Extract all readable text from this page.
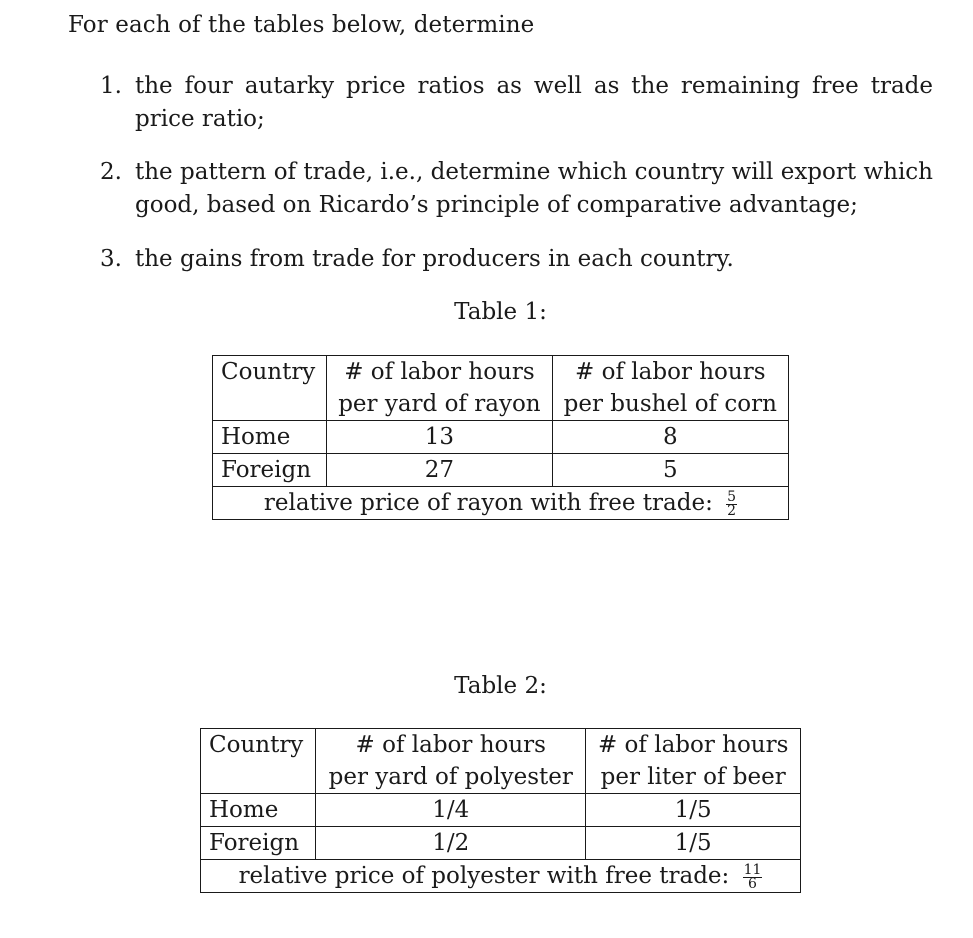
For each of the tables below, determine
1. the four autarky price ratios as well as the remaining free trade price ratio;
2. the pattern of trade, i.e., determine which country will export which good, based on Ricardo’s principle of comparative advantage;
3. the gains from trade for producers in each country.
Table 1:
Country	# of labor hours	# of labor hours
	per yard of rayon	per bushel of corn
Home	13	8
Foreign	27	5
relative price of rayon with free trade: $\frac{5}{2}$
Table 2:
Country	# of labor hours	# of labor hours
	per yard of polyester	per liter of beer
Home	1/4	1/5
Foreign	1/2	1/5
relative price of polyester with free trade: $\frac{11}{6}$
